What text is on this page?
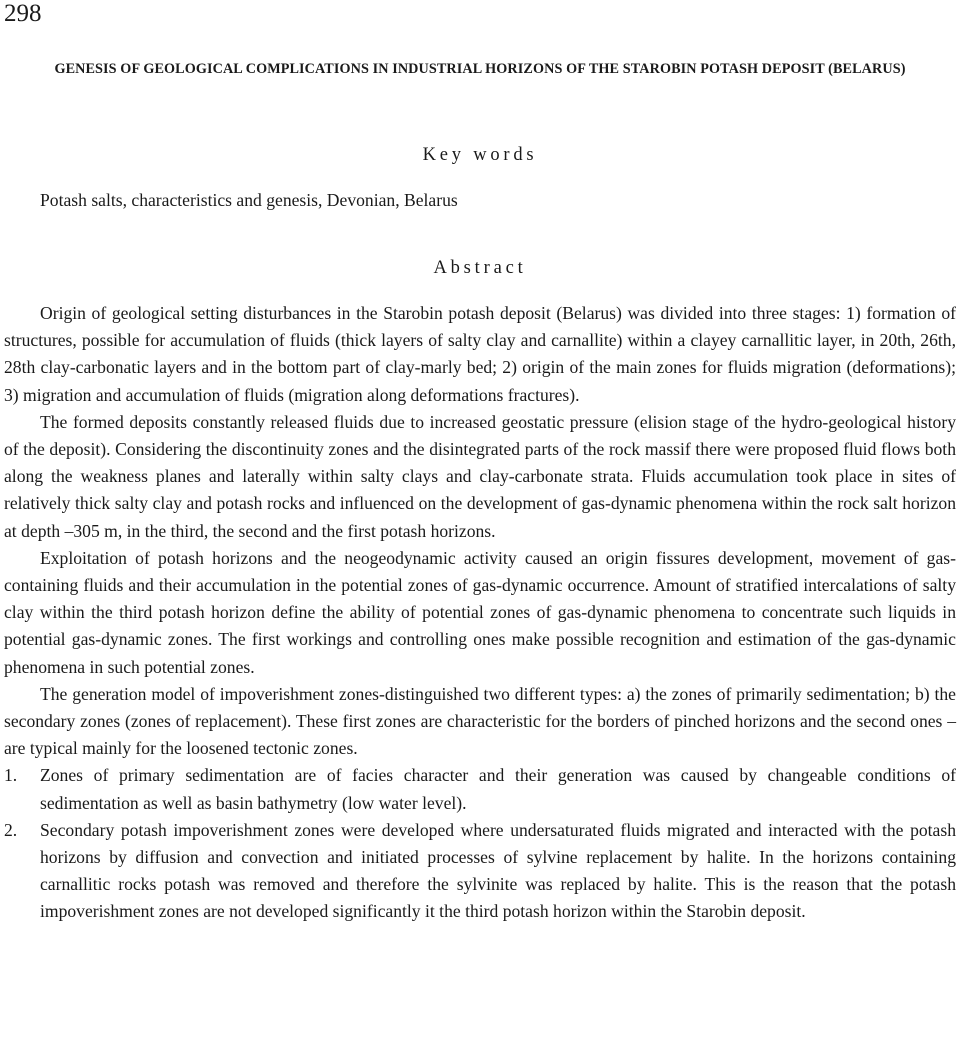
298
GENESIS OF GEOLOGICAL COMPLICATIONS IN INDUSTRIAL HORIZONS OF THE STAROBIN POTASH DEPOSIT (BELARUS)
Key words
Potash salts, characteristics and genesis, Devonian, Belarus
Abstract

Origin of geological setting disturbances in the Starobin potash deposit (Belarus) was divided into three stages: 1) formation of structures, possible for accumulation of fluids (thick layers of salty clay and carnallite) within a clayey carnallitic layer, in 20th, 26th, 28th clay-carbonatic layers and in the bottom part of clay-marly bed; 2) origin of the main zones for fluids migration (deformations); 3) migration and accumulation of fluids (migration along deformations fractures).

The formed deposits constantly released fluids due to increased geostatic pressure (elision stage of the hydro-geological history of the deposit). Considering the discontinuity zones and the disintegrated parts of the rock massif there were proposed fluid flows both along the weakness planes and laterally within salty clays and clay-carbonate strata. Fluids accumulation took place in sites of relatively thick salty clay and potash rocks and influenced on the development of gas-dynamic phenomena within the rock salt horizon at depth –305 m, in the third, the second and the first potash horizons.

Exploitation of potash horizons and the neogeodynamic activity caused an origin fissures development, movement of gas-containing fluids and their accumulation in the potential zones of gas-dynamic occurrence. Amount of stratified intercalations of salty clay within the third potash horizon define the ability of potential zones of gas-dynamic phenomena to concentrate such liquids in potential gas-dynamic zones. The first workings and controlling ones make possible recognition and estimation of the gas-dynamic phenomena in such potential zones.

The generation model of impoverishment zones-distinguished two different types: a) the zones of primarily sedimentation; b) the secondary zones (zones of replacement). These first zones are characteristic for the borders of pinched horizons and the second ones – are typical mainly for the loosened tectonic zones.

1.	Zones of primary sedimentation are of facies character and their generation was caused by changeable conditions of sedimentation as well as basin bathymetry (low water level).
2.	Secondary potash impoverishment zones were developed where undersaturated fluids migrated and interacted with the potash horizons by diffusion and convection and initiated processes of sylvine replacement by halite. In the horizons containing carnallitic rocks potash was removed and therefore the sylvinite was replaced by halite. This is the reason that the potash impoverishment zones are not developed significantly it the third potash horizon within the Starobin deposit.
